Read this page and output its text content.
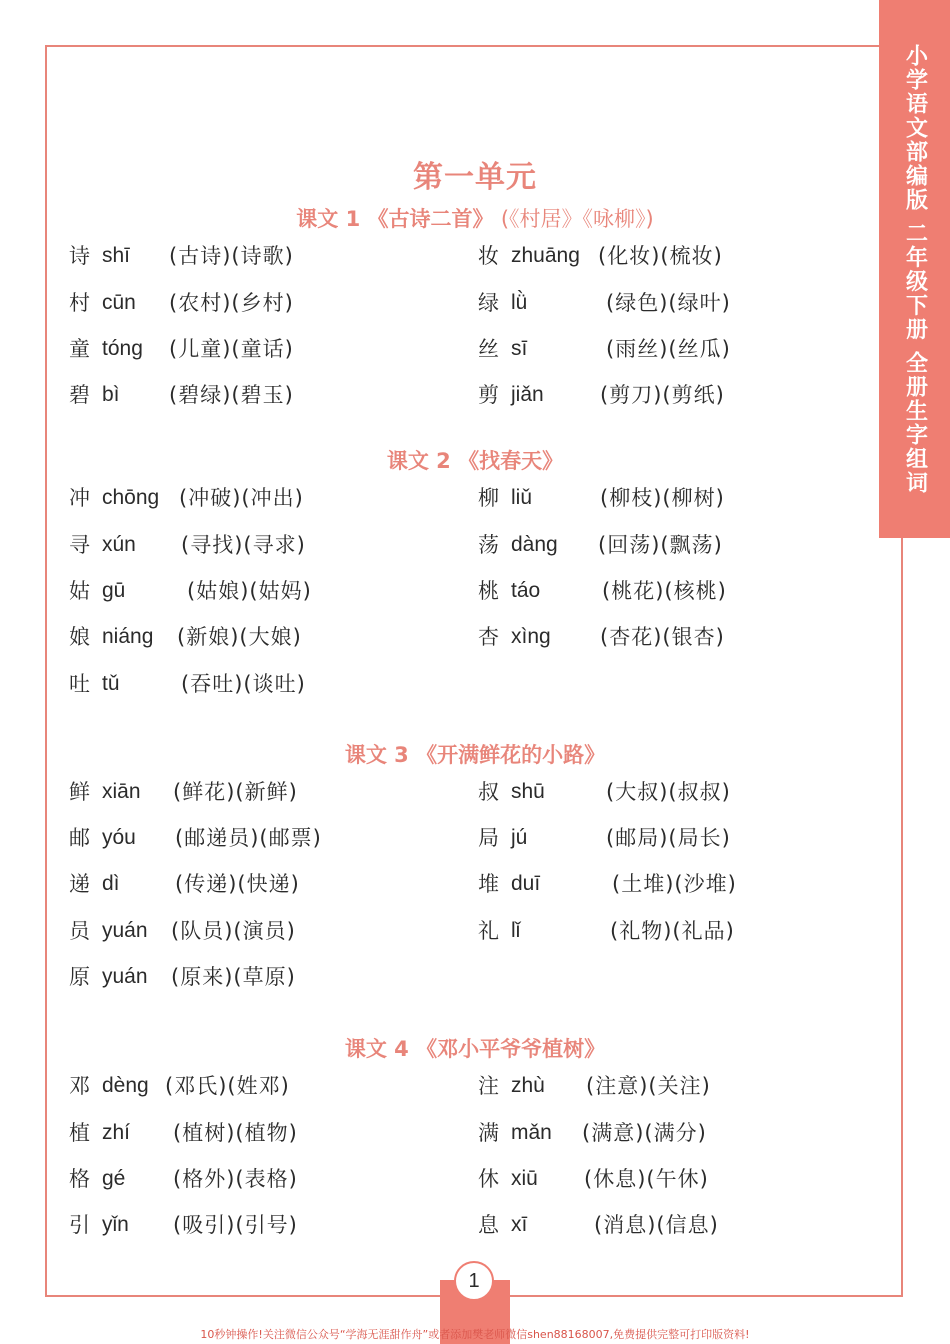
小学语文部编版 二年级下册 全册生字组词
第一单元
课文 1 《古诗二首》 (《村居》《咏柳》)
诗 shī (古诗)(诗歌)	妆 zhuāng (化妆)(梳妆)
村 cūn (农村)(乡村)	绿 lǜ	(绿色)(绿叶)
童 tóng (儿童)(童话)	丝 sī	(雨丝)(丝瓜)
碧 bì (碧绿)(碧玉)	剪 jiǎn	(剪刀)(剪纸)
课文 2 《找春天》
冲 chōng (冲破)(冲出)	柳 liǔ	(柳枝)(柳树)
寻 xún (寻找)(寻求)	荡 dàng (回荡)(飘荡)
姑 gū	(姑娘)(姑妈)	桃 táo	(桃花)(核桃)
娘 niáng (新娘)(大娘)	杏 xìng (杏花)(银杏)
吐 tǔ	(吞吐)(谈吐)
课文 3 《开满鲜花的小路》
鲜 xiān (鲜花)(新鲜)	叔 shū	(大叔)(叔叔)
邮 yóu (邮递员)(邮票)	局 jú	(邮局)(局长)
递 dì	(传递)(快递)	堆 duī	(土堆)(沙堆)
员 yuán (队员)(演员)	礼 lǐ	(礼物)(礼品)
原 yuán (原来)(草原)
课文 4 《邓小平爷爷植树》
邓 dèng (邓氏)(姓邓)	注 zhù (注意)(关注)
植 zhí (植树)(植物)	满 mǎn (满意)(满分)
格 gé (格外)(表格)	休 xiū (休息)(午休)
引 yǐn (吸引)(引号)	息 xī	(消息)(信息)
1
10秒钟操作!关注微信公众号“学海无涯甜作舟”或者添加樊老师微信shen88168007,免费提供完整可打印版资料!
